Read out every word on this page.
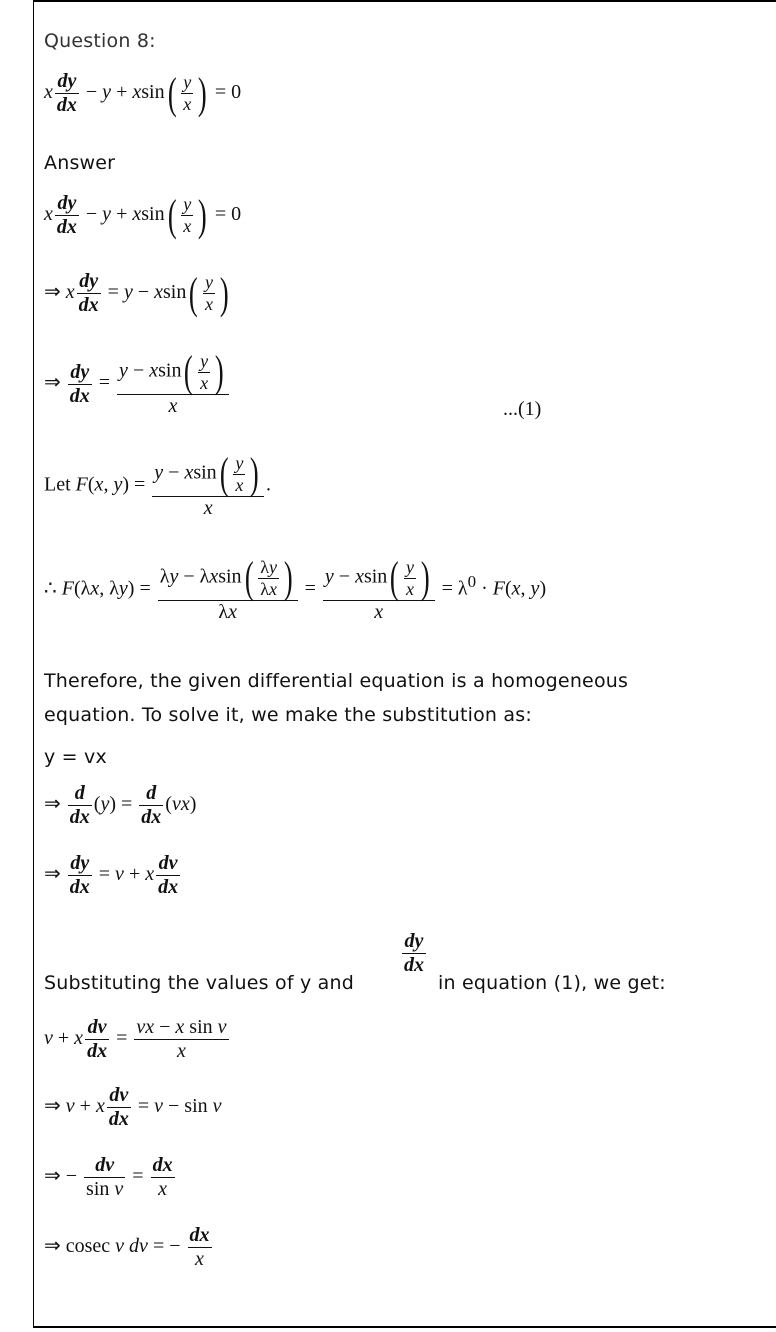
Question 8:
x $\frac{dy}{dx} - y + xsin( \frac{y}{x}$ ) = 0
Answer
x $\frac{dy}{dx} - y + xsin( \frac{y}{x}$ ) = 0
⇒ x $\frac{dy}{dx} = y - xsin( \frac{y}{x}$ )
⇒ $\frac{dy}{dx} = \frac{y - xsin( \frac{y}{x} )}{x}$	...(1)
Let F(x, $y) = \frac{y - xsin( \frac{y}{x} )}{x}$ .
∴ F(λx, $\lambda y) = \frac{\lambda y - \lambda xsin( \frac{\lambda y}{\lambda x} )}{\lambda x} = \frac{y - xsin( \frac{y}{x} )}{x} = \lambda^0 \cdot F(x$, y)
Therefore, the given differential equation is a homogeneous
equation. To solve it, we make the substitution as:
y = vx
⇒ $\frac{d}{dx} (y) = \frac{d}{dx} (vx)$
⇒ $\frac{dy}{dx} = v + x \frac{dv}{dx}$
$\frac{dy}{dx}$
Substituting the values of y and	in equation (1), we get:
v + x $\frac{dv}{dx} = \frac{\text{vx − x sin v}}{x}$
⇒ v + x $\frac{dv}{dx} = v - \sin v$
⇒ − $\frac{dv}{\text{sin v}} = \frac{dx}{x}$
⇒ cosec v dv = − $\frac{dx}{x}$
